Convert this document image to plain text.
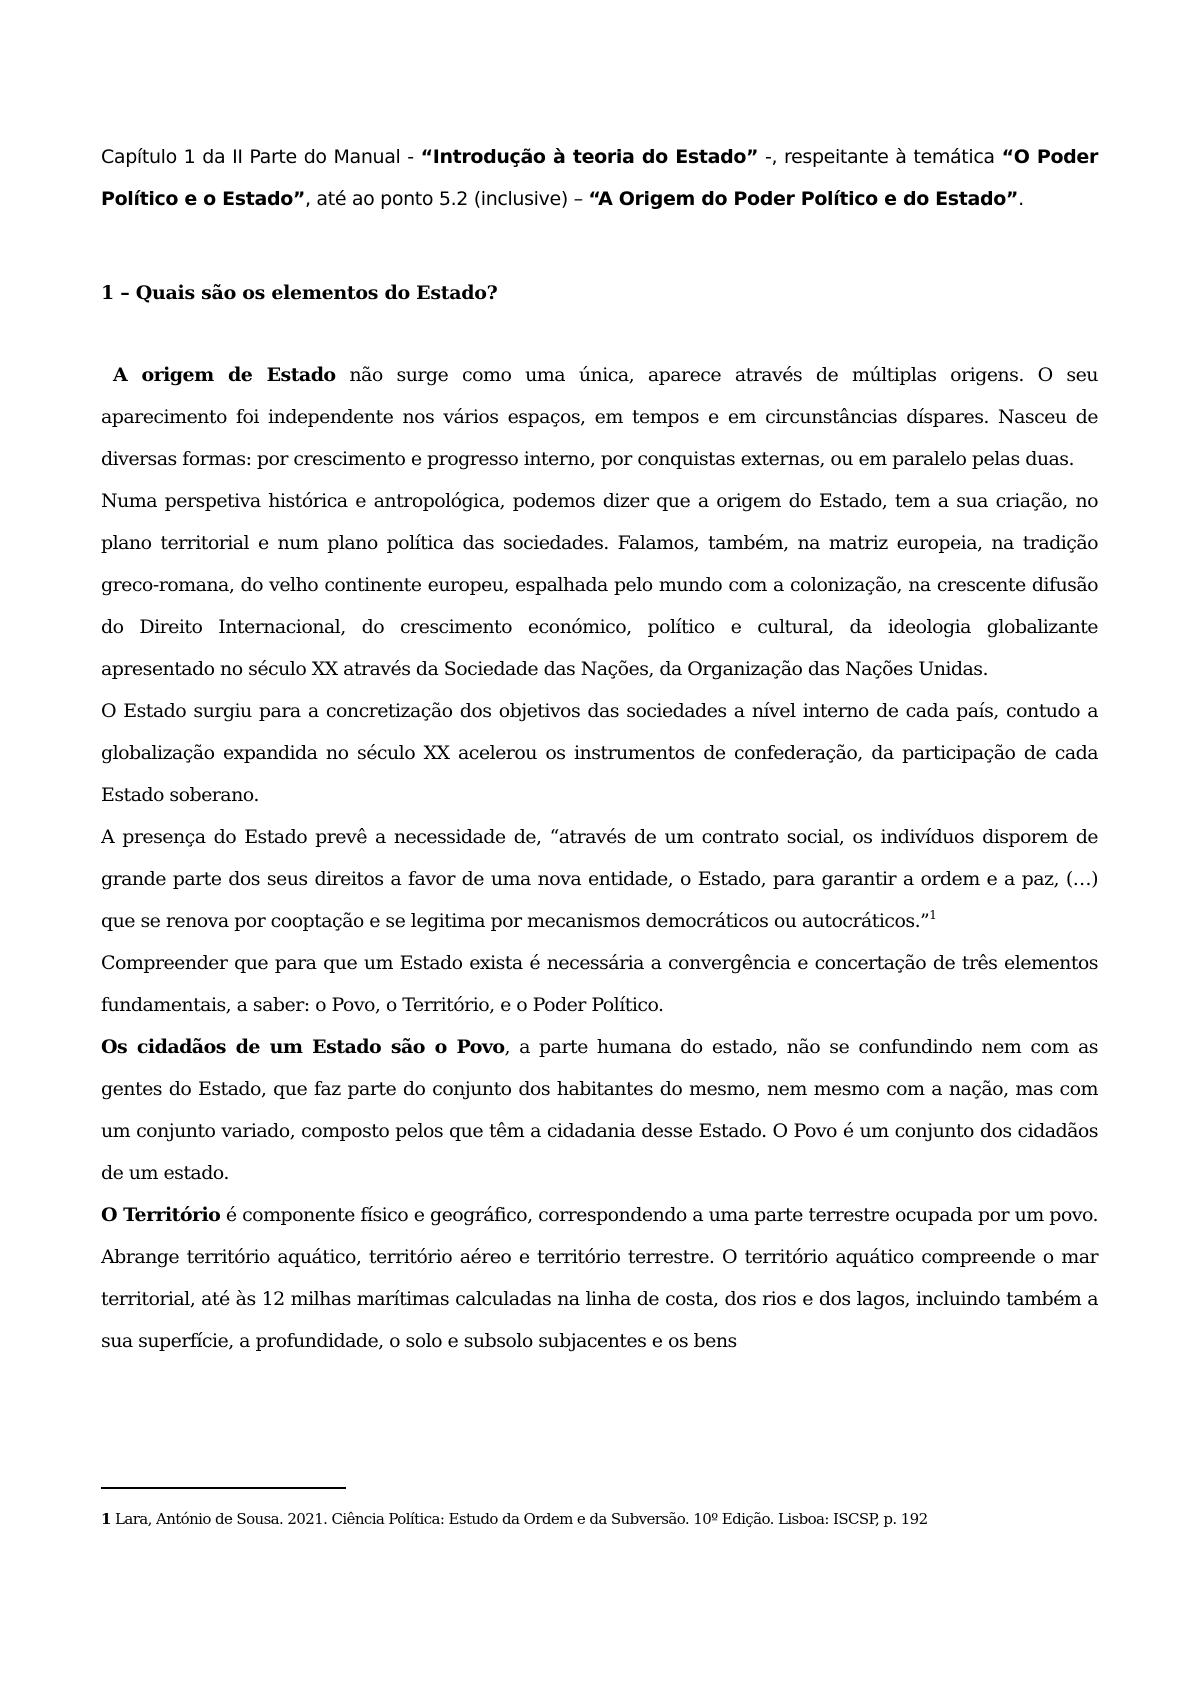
Capítulo 1 da II Parte do Manual - “Introdução à teoria do Estado” -, respeitante à temática “O Poder Político e o Estado”, até ao ponto 5.2 (inclusive) – “A Origem do Poder Político e do Estado”.
1 – Quais são os elementos do Estado?

A origem de Estado não surge como uma única, aparece através de múltiplas origens. O seu aparecimento foi independente nos vários espaços, em tempos e em circunstâncias díspares. Nasceu de diversas formas: por crescimento e progresso interno, por conquistas externas, ou em paralelo pelas duas.

Numa perspetiva histórica e antropológica, podemos dizer que a origem do Estado, tem a sua criação, no plano territorial e num plano política das sociedades. Falamos, também, na matriz europeia, na tradição greco-romana, do velho continente europeu, espalhada pelo mundo com a colonização, na crescente difusão do Direito Internacional, do crescimento económico, político e cultural, da ideologia globalizante apresentado no século XX através da Sociedade das Nações, da Organização das Nações Unidas.

O Estado surgiu para a concretização dos objetivos das sociedades a nível interno de cada país, contudo a globalização expandida no século XX acelerou os instrumentos de confederação, da participação de cada Estado soberano.

A presença do Estado prevê a necessidade de, “através de um contrato social, os indivíduos disporem de grande parte dos seus direitos a favor de uma nova entidade, o Estado, para garantir a ordem e a paz, (…) que se renova por cooptação e se legitima por mecanismos democráticos ou autocráticos.”$^1$

Compreender que para que um Estado exista é necessária a convergência e concertação de três elementos fundamentais, a saber: o Povo, o Território, e o Poder Político.

Os cidadãos de um Estado são o Povo, a parte humana do estado, não se confundindo nem com as gentes do Estado, que faz parte do conjunto dos habitantes do mesmo, nem mesmo com a nação, mas com um conjunto variado, composto pelos que têm a cidadania desse Estado. O Povo é um conjunto dos cidadãos de um estado.

O Território é componente físico e geográfico, correspondendo a uma parte terrestre ocupada por um povo. Abrange território aquático, território aéreo e território terrestre. O território aquático compreende o mar territorial, até às 12 milhas marítimas calculadas na linha de costa, dos rios e dos lagos, incluindo também a sua superfície, a profundidade, o solo e subsolo subjacentes e os bens

1 Lara, António de Sousa. 2021. Ciência Política: Estudo da Ordem e da Subversão. 10º Edição. Lisboa: ISCSP, p. 192
